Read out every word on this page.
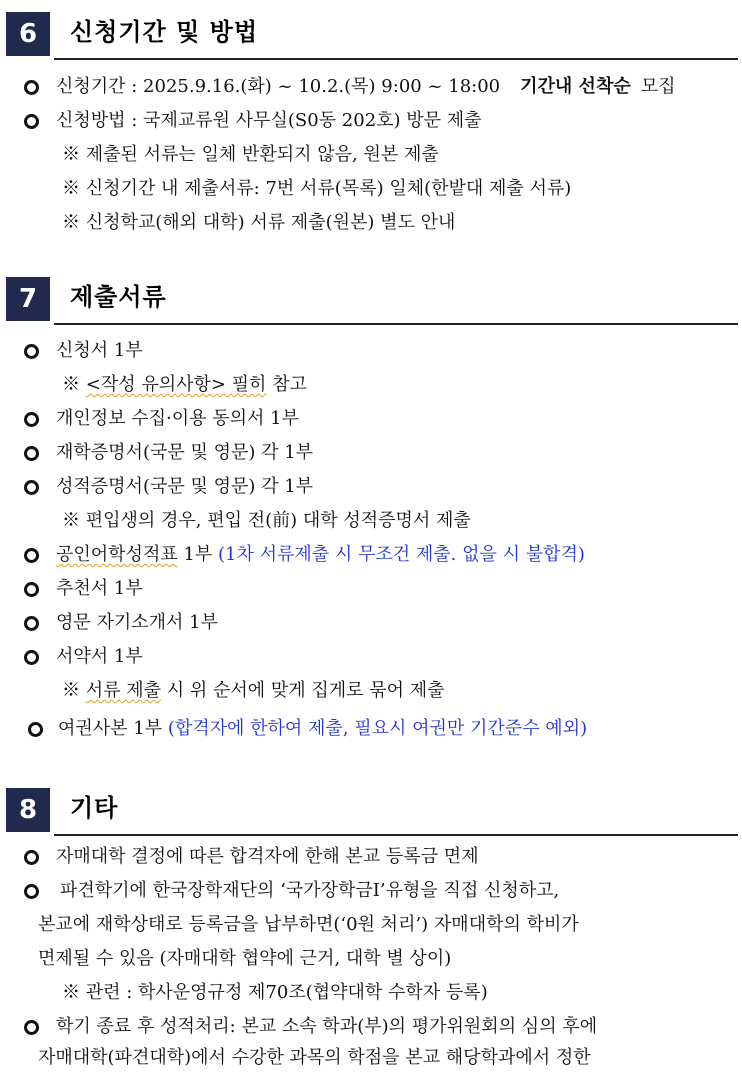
6	신청기간 및 방법
신청기간 : 2025.9.16.(화) ~ 10.2.(목) 9:00 ~ 18:00 기간내 선착순 모집
신청방법 : 국제교류원 사무실(S0동 202호) 방문 제출
※ 제출된 서류는 일체 반환되지 않음, 원본 제출
※ 신청기간 내 제출서류: 7번 서류(목록) 일체(한밭대 제출 서류)
※ 신청학교(해외 대학) 서류 제출(원본) 별도 안내
7	제출서류
신청서 1부
※ <작성 유의사항> 필히 참고
개인정보 수집·이용 동의서 1부
재학증명서(국문 및 영문) 각 1부
성적증명서(국문 및 영문) 각 1부
※ 편입생의 경우, 편입 전(前) 대학 성적증명서 제출
공인어학성적표 1부 (1차 서류제출 시 무조건 제출. 없을 시 불합격)
추천서 1부
영문 자기소개서 1부
서약서 1부
※ 서류 제출 시 위 순서에 맞게 집게로 묶어 제출
여권사본 1부 (합격자에 한하여 제출, 필요시 여권만 기간준수 예외)
8	기타
자매대학 결정에 따른 합격자에 한해 본교 등록금 면제
파견학기에 한국장학재단의 ‘국가장학금Ⅰ’유형을 직접 신청하고,
본교에 재학상태로 등록금을 납부하면(‘0원 처리’) 자매대학의 학비가
면제될 수 있음 (자매대학 협약에 근거, 대학 별 상이)
※ 관련 : 학사운영규정 제70조(협약대학 수학자 등록)
학기 종료 후 성적처리: 본교 소속 학과(부)의 평가위원회의 심의 후에
자매대학(파견대학)에서 수강한 과목의 학점을 본교 해당학과에서 정한
